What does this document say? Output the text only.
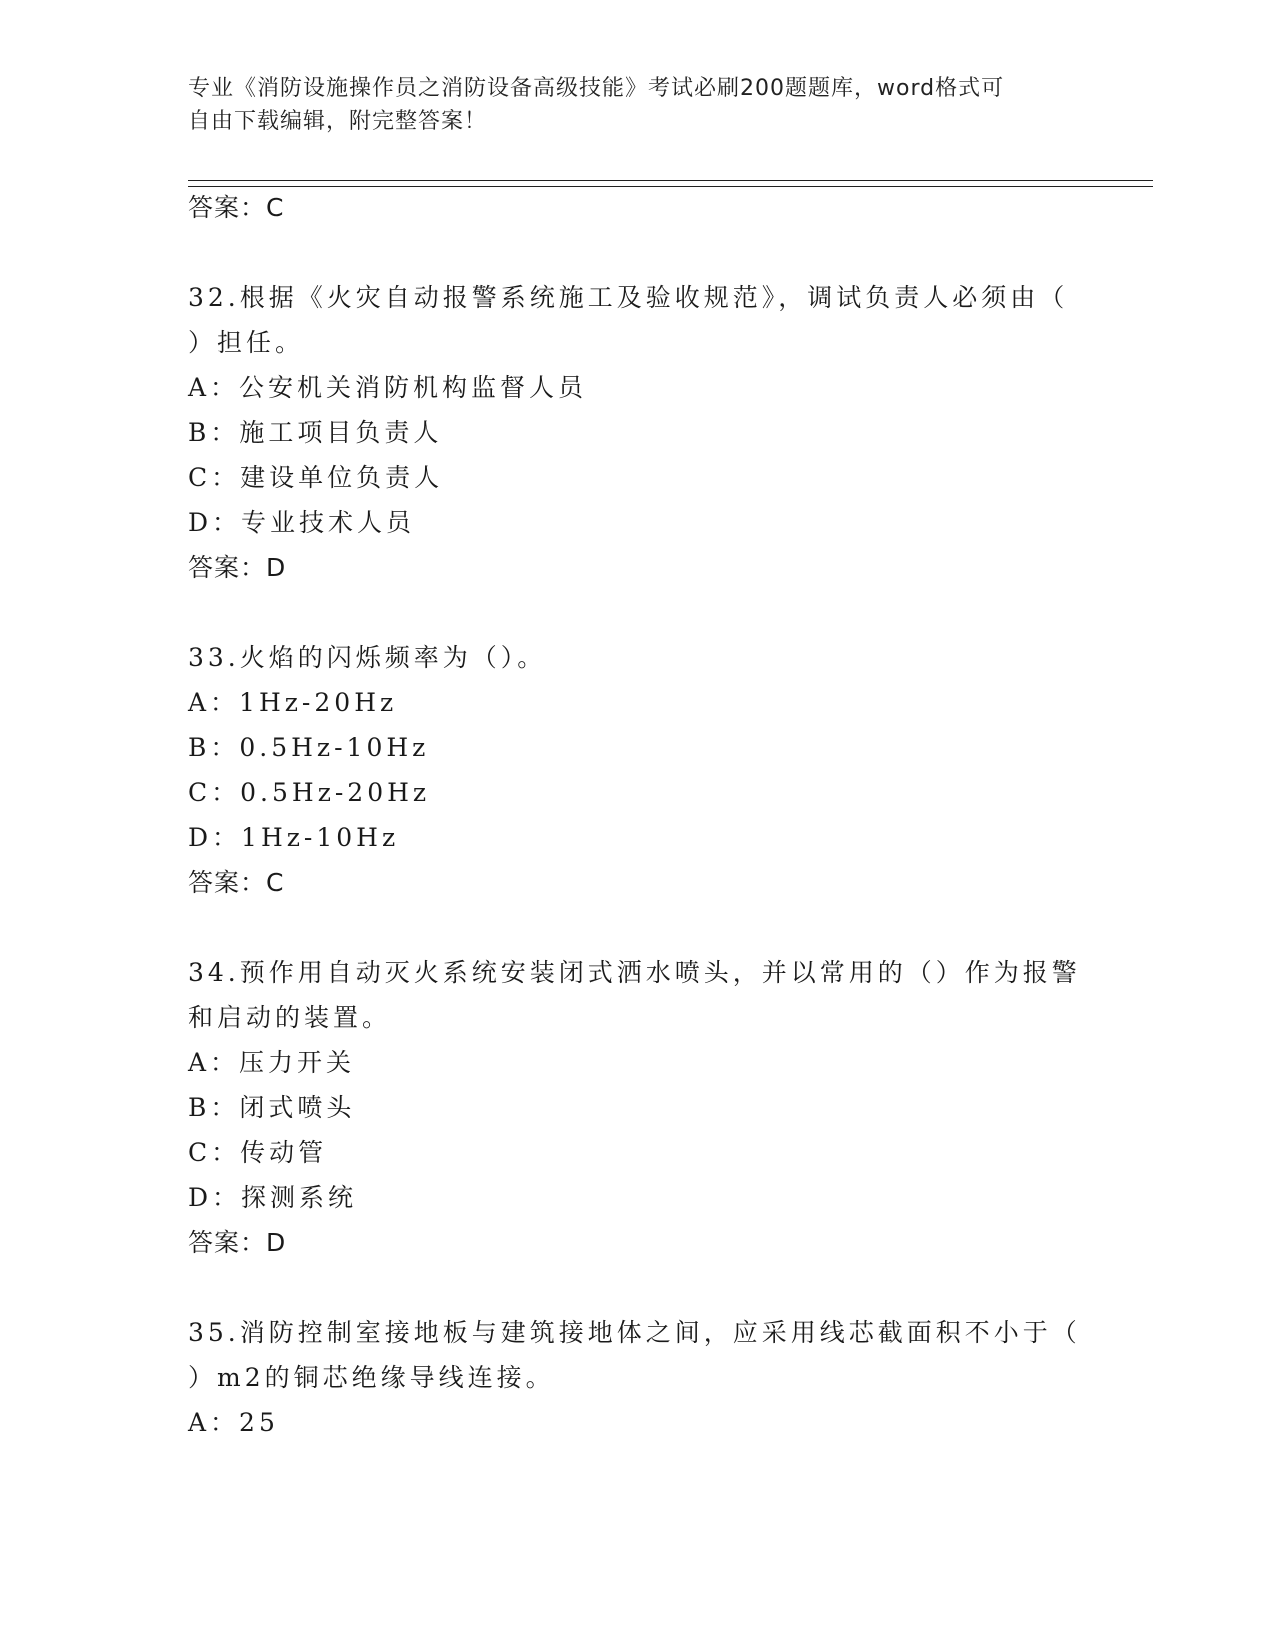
专业《消防设施操作员之消防设备高级技能》考试必刷200题题库，word格式可
自由下载编辑，附完整答案！
答案：C
32.根据《火灾自动报警系统施工及验收规范》，调试负责人必须由（
）担任。
A：公安机关消防机构监督人员
B：施工项目负责人
C：建设单位负责人
D：专业技术人员
答案：D
33.火焰的闪烁频率为（）。
A：1Hz-20Hz
B：0.5Hz-10Hz
C：0.5Hz-20Hz
D：1Hz-10Hz
答案：C
34.预作用自动灭火系统安装闭式洒水喷头，并以常用的（）作为报警
和启动的装置。
A：压力开关
B：闭式喷头
C：传动管
D：探测系统
答案：D
35.消防控制室接地板与建筑接地体之间，应采用线芯截面积不小于（
）m2的铜芯绝缘导线连接。
A：25
